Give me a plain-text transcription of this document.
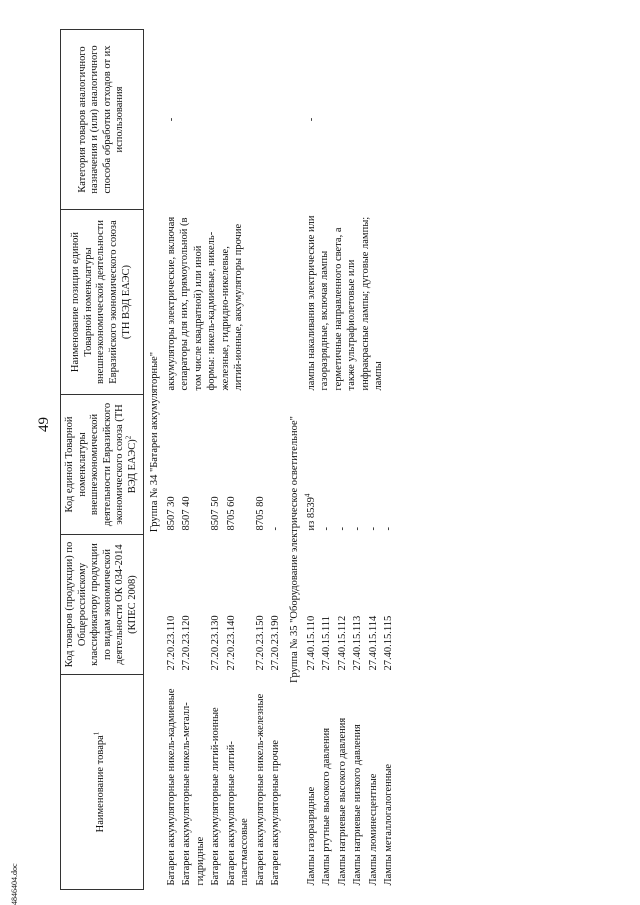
49
4846404.doc
Наименование товара$^1$	Код товаров (продукции) по Общероссийскому классификатору продукции по видам экономической деятельности ОК 034-2014 (КПЕС 2008)	Код единой Товарной номенклатуры внешнеэкономической деятельности Евразийского экономического союза (ТН ВЭД ЕАЭС)$^2$	Наименование позиции единой Товарной номенклатуры внешнеэкономической деятельности Евразийского экономического союза (ТН ВЭД ЕАЭС)	Категория товаров аналогичного назначения и (или) аналогичного способа обработки отходов от их использования
	Группа № 34 "Батареи аккумуляторные"			
Батареи аккумуляторные никель-кадмиевые	27.20.23.110	8507 30	аккумуляторы электрические, включая сепараторы для них, прямоугольной (в том числе квадратной) или иной формы: никель-кадмиевые, никель-железные, гидридно-никелевые, литий-ионные, аккумуляторы прочие	-
Батареи аккумуляторные никель-металл-гидридные	27.20.23.120	8507 40		
Батареи аккумуляторные литий-ионные	27.20.23.130	8507 50		
Батареи аккумуляторные литий-пластмассовые	27.20.23.140	8705 60		
Батареи аккумуляторные никель-железные	27.20.23.150	8705 80		
Батареи аккумуляторные прочие	27.20.23.190	-		
Группа № 35 "Оборудование электрическое осветительное"				
Лампы газоразрядные	27.40.15.110	из 8539$^4$	лампы накаливания электрические или газоразрядные, включая лампы герметичные направленного света, а также ультрафиолетовые или инфракрасные лампы; дуговые лампы; лампы	-
Лампы ртутные высокого давления	27.40.15.111	-		
Лампы натриевые высокого давления	27.40.15.112	-		
Лампы натриевые низкого давления	27.40.15.113	-		
Лампы люминесцентные	27.40.15.114	-		
Лампы металлогалогенные	27.40.15.115	-		
